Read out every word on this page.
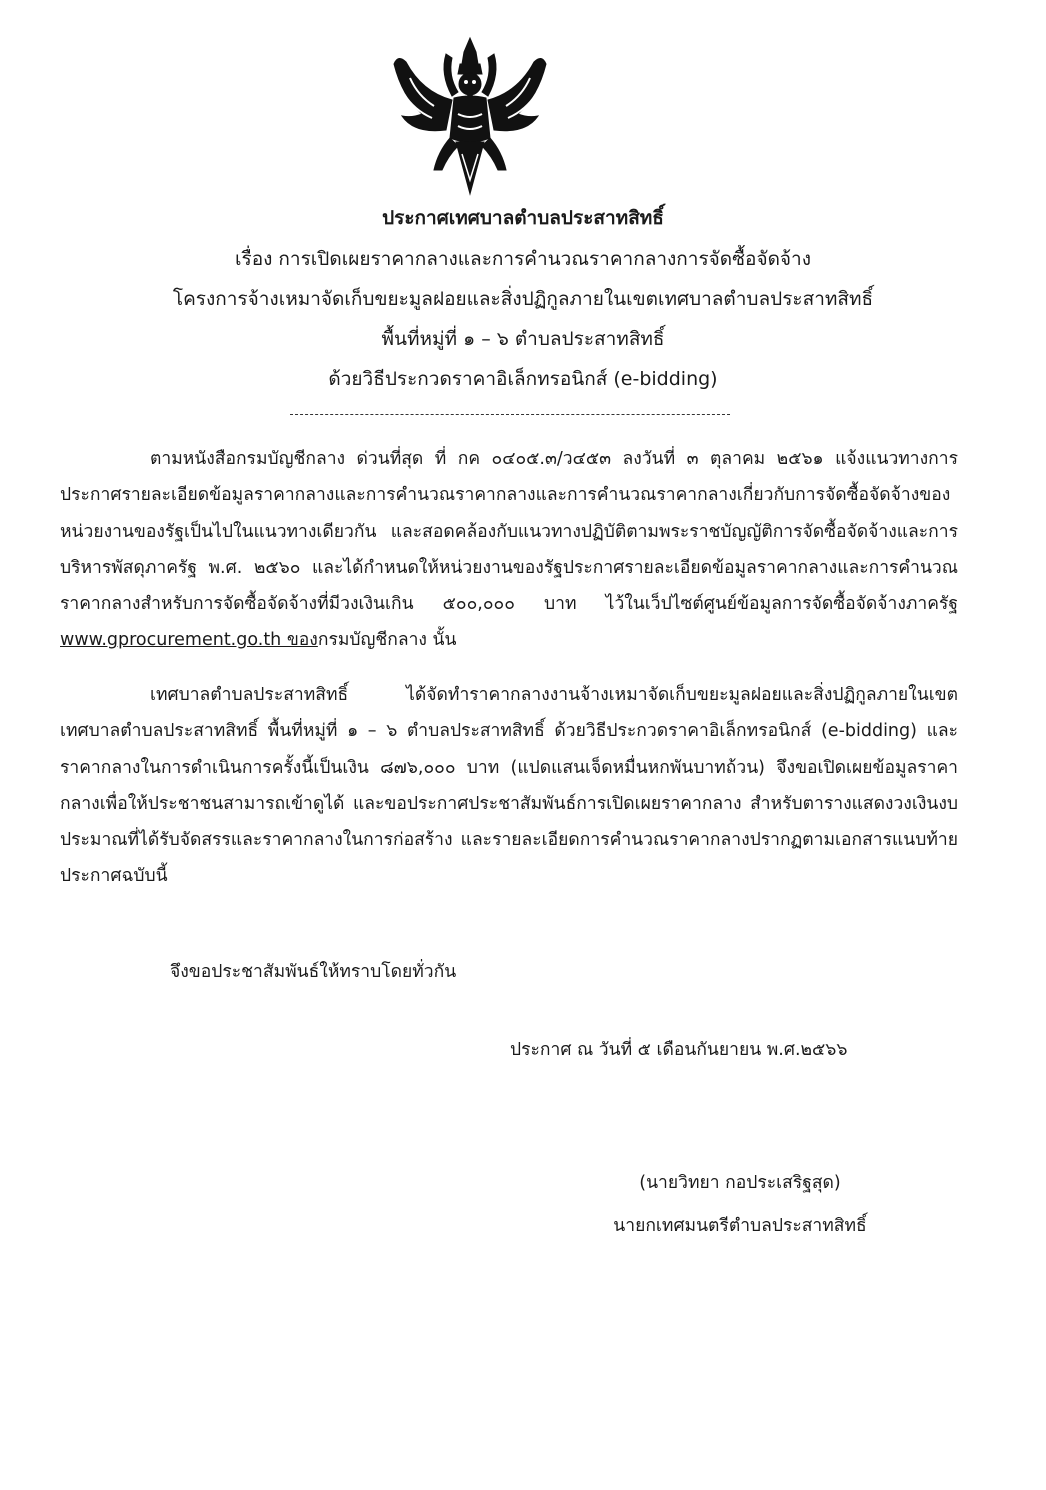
ประกาศเทศบาลตำบลประสาทสิทธิ์
เรื่อง การเปิดเผยราคากลางและการคำนวณราคากลางการจัดซื้อจัดจ้าง
โครงการจ้างเหมาจัดเก็บขยะมูลฝอยและสิ่งปฏิกูลภายในเขตเทศบาลตำบลประสาทสิทธิ์
พื้นที่หมู่ที่ ๑ – ๖ ตำบลประสาทสิทธิ์
ด้วยวิธีประกวดราคาอิเล็กทรอนิกส์ (e-bidding)
ตามหนังสือกรมบัญชีกลาง ด่วนที่สุด ที่ กค ๐๔๐๕.๓/ว๔๕๓ ลงวันที่ ๓ ตุลาคม ๒๕๖๑ แจ้งแนวทางการประกาศรายละเอียดข้อมูลราคากลางและการคำนวณราคากลางและการคำนวณราคากลางเกี่ยวกับการจัดซื้อจัดจ้างของหน่วยงานของรัฐเป็นไปในแนวทางเดียวกัน และสอดคล้องกับแนวทางปฏิบัติตามพระราชบัญญัติการจัดซื้อจัดจ้างและการบริหารพัสดุภาครัฐ พ.ศ. ๒๕๖๐ และได้กำหนดให้หน่วยงานของรัฐประกาศรายละเอียดข้อมูลราคากลางและการคำนวณราคากลางสำหรับการจัดซื้อจัดจ้างที่มีวงเงินเกิน ๕๐๐,๐๐๐ บาท ไว้ในเว็ปไซต์ศูนย์ข้อมูลการจัดซื้อจัดจ้างภาครัฐ www.gprocurement.go.th ของกรมบัญชีกลาง นั้น
เทศบาลตำบลประสาทสิทธิ์ ได้จัดทำราคากลางงานจ้างเหมาจัดเก็บขยะมูลฝอยและสิ่งปฏิกูลภายในเขตเทศบาลตำบลประสาทสิทธิ์ พื้นที่หมู่ที่ ๑ – ๖ ตำบลประสาทสิทธิ์ ด้วยวิธีประกวดราคาอิเล็กทรอนิกส์ (e-bidding) และราคากลางในการดำเนินการครั้งนี้เป็นเงิน ๘๗๖,๐๐๐ บาท (แปดแสนเจ็ดหมื่นหกพันบาทถ้วน) จึงขอเปิดเผยข้อมูลราคากลางเพื่อให้ประชาชนสามารถเข้าดูได้ และขอประกาศประชาสัมพันธ์การเปิดเผยราคากลาง สำหรับตารางแสดงวงเงินงบประมาณที่ได้รับจัดสรรและราคากลางในการก่อสร้าง และรายละเอียดการคำนวณราคากลางปรากฏตามเอกสารแนบท้ายประกาศฉบับนี้
จึงขอประชาสัมพันธ์ให้ทราบโดยทั่วกัน
ประกาศ ณ วันที่ ๕ เดือนกันยายน พ.ศ.๒๕๖๖
(นายวิทยา กอประเสริฐสุด)
นายกเทศมนตรีตำบลประสาทสิทธิ์
